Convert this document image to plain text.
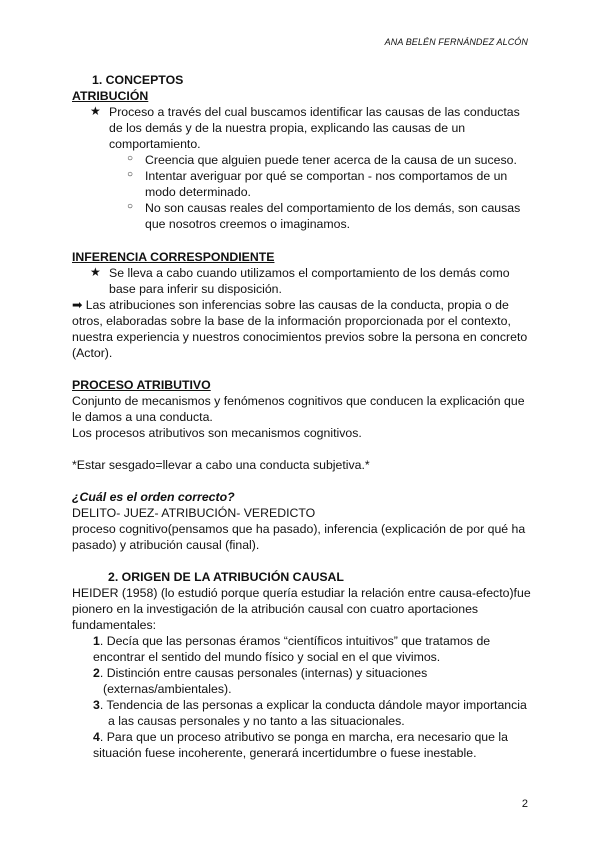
ANA BELÉN FERNÁNDEZ ALCÓN
1. CONCEPTOS
ATRIBUCIÓN
★ Proceso a través del cual buscamos identificar las causas de las conductas
de los demás y de la nuestra propia, explicando las causas de un
comportamiento.
○ Creencia que alguien puede tener acerca de la causa de un suceso.
○ Intentar averiguar por qué se comportan - nos comportamos de un
modo determinado.
○ No son causas reales del comportamiento de los demás, son causas
que nosotros creemos o imaginamos.
INFERENCIA CORRESPONDIENTE
★ Se lleva a cabo cuando utilizamos el comportamiento de los demás como
base para inferir su disposición.
➡ Las atribuciones son inferencias sobre las causas de la conducta, propia o de
otros, elaboradas sobre la base de la información proporcionada por el contexto,
nuestra experiencia y nuestros conocimientos previos sobre la persona en concreto
(Actor).
PROCESO ATRIBUTIVO
Conjunto de mecanismos y fenómenos cognitivos que conducen la explicación que
le damos a una conducta.
Los procesos atributivos son mecanismos cognitivos.
*Estar sesgado=llevar a cabo una conducta subjetiva.*
¿Cuál es el orden correcto?
DELITO- JUEZ- ATRIBUCIÓN- VEREDICTO
proceso cognitivo(pensamos que ha pasado), inferencia (explicación de por qué ha
pasado) y atribución causal (final).
2. ORIGEN DE LA ATRIBUCIÓN CAUSAL
HEIDER (1958) (lo estudió porque quería estudiar la relación entre causa-efecto)fue
pionero en la investigación de la atribución causal con cuatro aportaciones
fundamentales:
1. Decía que las personas éramos “científicos intuitivos” que tratamos de
encontrar el sentido del mundo físico y social en el que vivimos.
2. Distinción entre causas personales (internas) y situaciones
(externas/ambientales).
3. Tendencia de las personas a explicar la conducta dándole mayor importancia
a las causas personales y no tanto a las situacionales.
4. Para que un proceso atributivo se ponga en marcha, era necesario que la
situación fuese incoherente, generará incertidumbre o fuese inestable.
2
